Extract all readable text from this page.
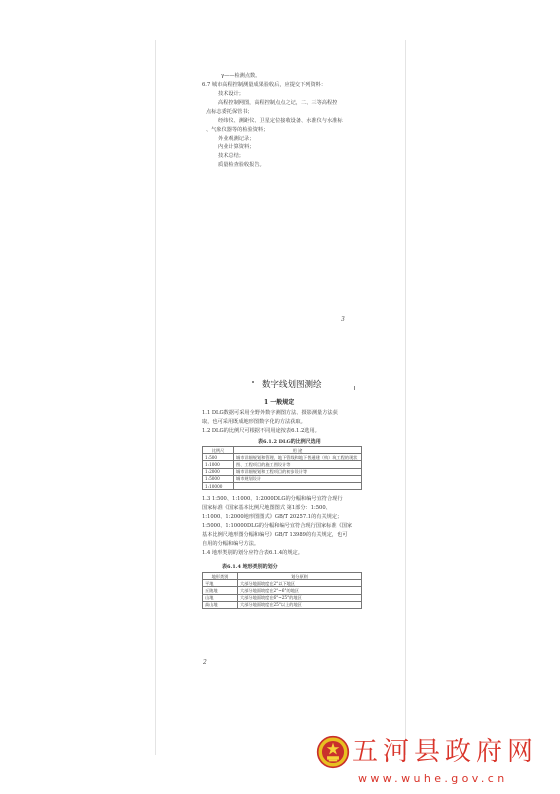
γ——检测点数。
6.7 城市高程控制测量成果验收后，应提交下列资料：
技术设计；
高程控制网图，高程控制点点之记，二、三等高程控
点标志委托保管书；
经纬仪、测距仪、卫星定位接收设备、水准仪与水准标
、气象仪器等的检验资料；
外业观测记录；
内业计算资料；
技术总结；
质量检查验收报告。
3
数字线划图测绘
1 一般规定
1.1 DLG数据可采用全野外数字测图方法、摄影测量方法获
取，也可采用既成地形图数字化的方法获取。
1.2 DLG的比例尺可根据不同用途按表6.1.2选用。
表6.1.2 DLG的比例尺选用
比例尺	用 途
1:500	城市详细规划和管理、地下管线和地下普通建（构）筑工程的现状
1:1000	图、工程项目的施工图设计等
1:2000	城市详细规划和工程项目的初步设计等
1:5000	城市规划设计
1:10000	
1.3 1:500、1:1000、1:2000DLG的分幅和编号宜符合现行
国家标准《国家基本比例尺地图图式 第1部分：1:500、
1:1000、1:2000地形图图式》GB/T 20257.1的有关规定；
1:5000、1:10000DLG的分幅和编号宜符合现行国家标准《国家
基本比例尺地形图分幅和编号》GB/T 13989的有关规定，也可
自用的分幅和编号方法。
1.4 地形类别的划分应符合表6.1.4的规定。
表6.1.4 地形类别的划分
地形类别	划分原则
平地	大部分地面坡度在2°以下地区
丘陵地	大部分地面坡度在2°~6°的地区
山地	大部分地面坡度在6°~25°的地区
高山地	大部分地面坡度在25°以上的地区
2
五河县政府网
www.wuhe.gov.cn
